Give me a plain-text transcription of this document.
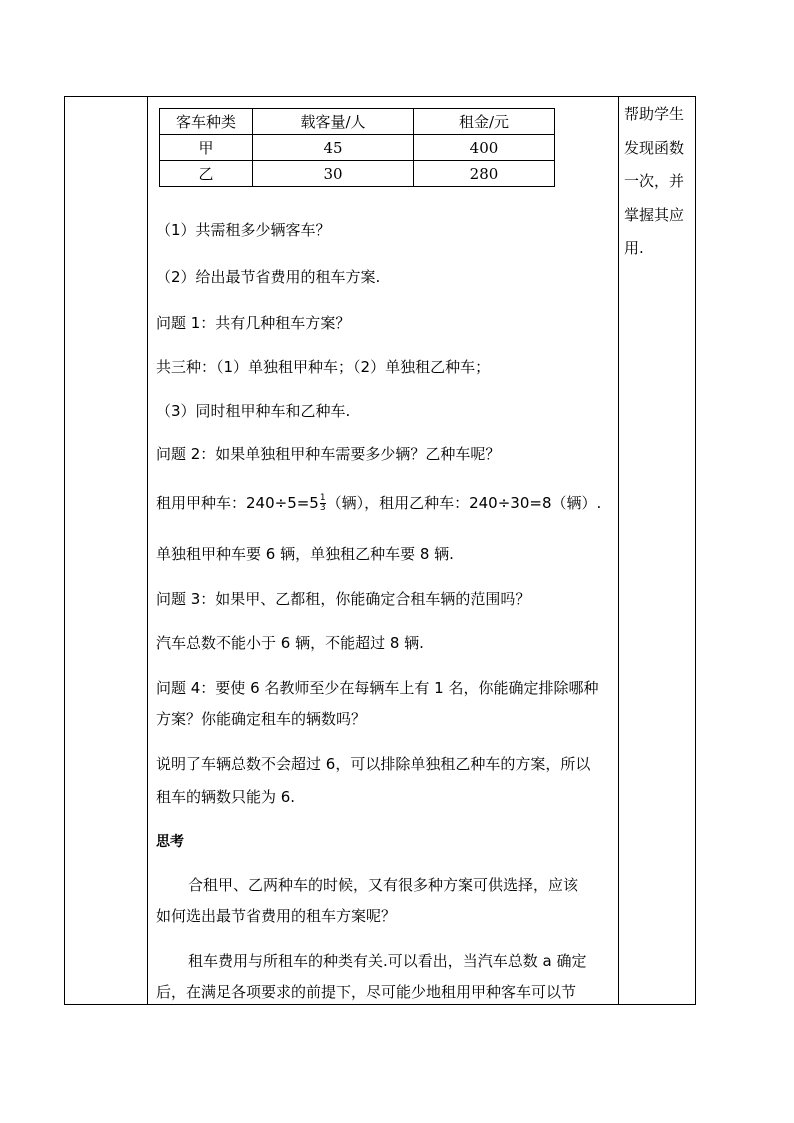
客车种类	载客量/人	租金/元
甲	45	400
乙	30	280
帮助学生
发现函数
一次，并
掌握其应
用.
（1）共需租多少辆客车？
（2）给出最节省费用的租车方案.
问题 1：共有几种租车方案？
共三种：（1）单独租甲种车；（2）单独租乙种车；
（3）同时租甲种车和乙种车.
问题 2：如果单独租甲种车需要多少辆？乙种车呢？
租用甲种车：$240\div 5=5 \frac{1}{3}$ （辆），租用乙种车：240÷30=8（辆）.
单独租甲种车要 6 辆，单独租乙种车要 8 辆.
问题 3：如果甲、乙都租，你能确定合租车辆的范围吗？
汽车总数不能小于 6 辆，不能超过 8 辆.
问题 4：要使 6 名教师至少在每辆车上有 1 名，你能确定排除哪种
方案？你能确定租车的辆数吗？
说明了车辆总数不会超过 6，可以排除单独租乙种车的方案，所以
租车的辆数只能为 6.
思考
合租甲、乙两种车的时候，又有很多种方案可供选择，应该
如何选出最节省费用的租车方案呢？
租车费用与所租车的种类有关.可以看出，当汽车总数 a 确定
后，在满足各项要求的前提下，尽可能少地租用甲种客车可以节
